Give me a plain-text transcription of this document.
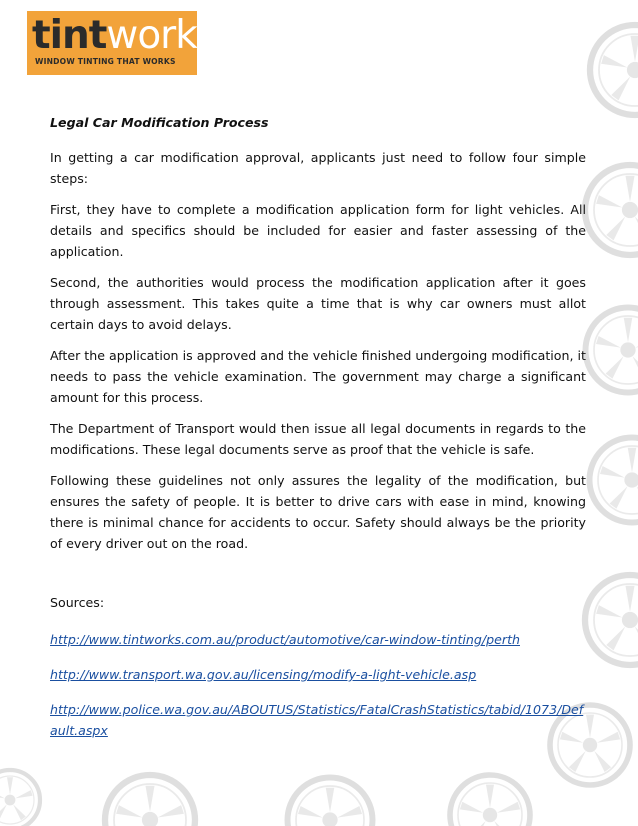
tintworks
WINDOW TINTING THAT WORKS

Legal Car Modification Process

In getting a car modification approval, applicants just need to follow four simple steps:

First, they have to complete a modification application form for light vehicles. All details and specifics should be included for easier and faster assessing of the application.

Second, the authorities would process the modification application after it goes through assessment. This takes quite a time that is why car owners must allot certain days to avoid delays.

After the application is approved and the vehicle finished undergoing modification, it needs to pass the vehicle examination. The government may charge a significant amount for this process.

The Department of Transport would then issue all legal documents in regards to the modifications. These legal documents serve as proof that the vehicle is safe.

Following these guidelines not only assures the legality of the modification, but ensures the safety of people. It is better to drive cars with ease in mind, knowing there is minimal chance for accidents to occur. Safety should always be the priority of every driver out on the road.

Sources:

http://www.tintworks.com.au/product/automotive/car-window-tinting/perth
http://www.transport.wa.gov.au/licensing/modify-a-light-vehicle.asp
http://www.police.wa.gov.au/ABOUTUS/Statistics/FatalCrashStatistics/tabid/1073/Default.aspx
